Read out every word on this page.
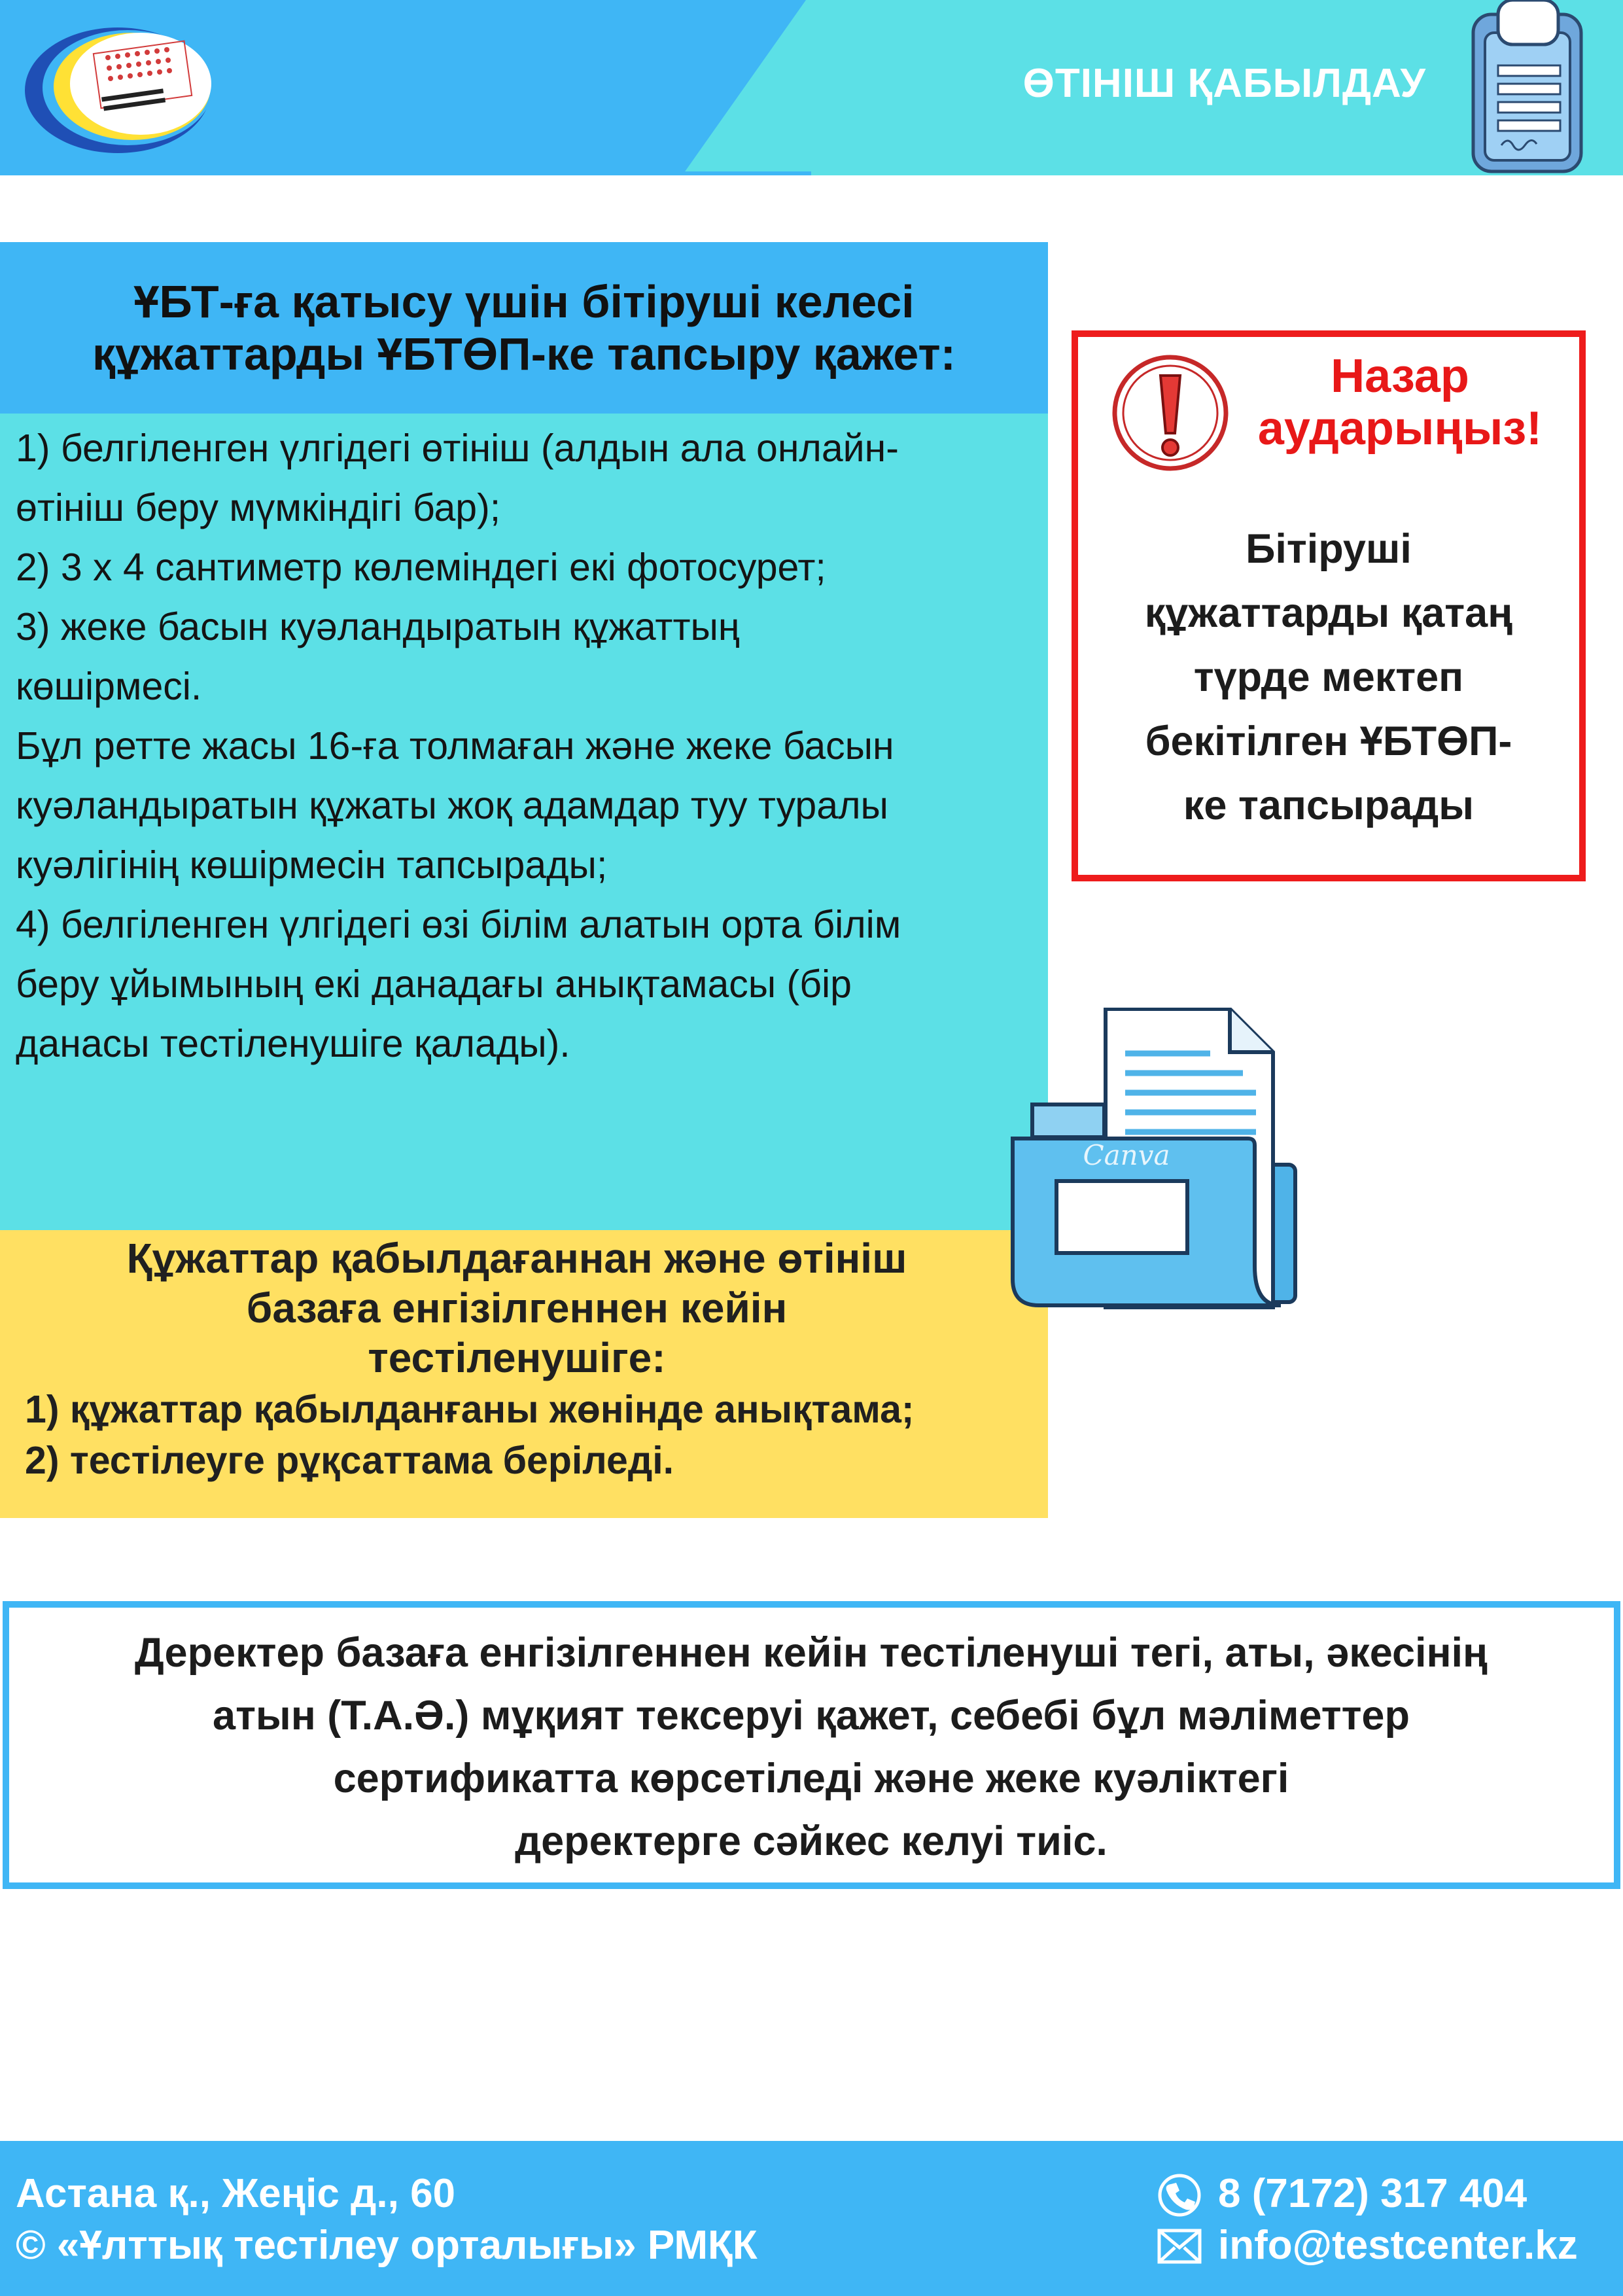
ӨТІНІШ ҚАБЫЛДАУ
ҰБТ-ға қатысу үшін бітіруші келесі
құжаттарды ҰБТӨП-ке тапсыру қажет:
1) белгіленген үлгідегі өтініш (алдын ала онлайн-
өтініш беру мүмкіндігі бар);
2) 3 х 4 сантиметр көлеміндегі екі фотосурет;
3) жеке басын куәландыратын құжаттың
көшірмесі.
Бұл ретте жасы 16-ға толмаған және жеке басын
куәландыратын құжаты жоқ адамдар туу туралы
куәлігінің көшірмесін тапсырады;
4) белгіленген үлгідегі өзі білім алатын орта білім
беру ұйымының екі данадағы анықтамасы (бір
данасы тестіленушіге қалады).
Құжаттар қабылдағаннан және өтініш
базаға енгізілгеннен кейін
тестіленушіге:
1) құжаттар қабылданғаны жөнінде анықтама;
2) тестілеуге рұқсаттама беріледі.
Назар
аударыңыз!
Бітіруші
құжаттарды қатаң
түрде мектеп
бекітілген ҰБТӨП-
ке тапсырады
Canva
Деректер базаға енгізілгеннен кейін тестіленуші тегі, аты, әкесінің
атын (Т.А.Ә.) мұқият тексеруі қажет, себебі бұл мәліметтер
сертификатта көрсетіледі және жеке куәліктегі
деректерге сәйкес келуі тиіс.
Астана қ., Жеңіс д., 60
© «Ұлттық тестілеу орталығы» РМҚК
8 (7172) 317 404
info@testcenter.kz
